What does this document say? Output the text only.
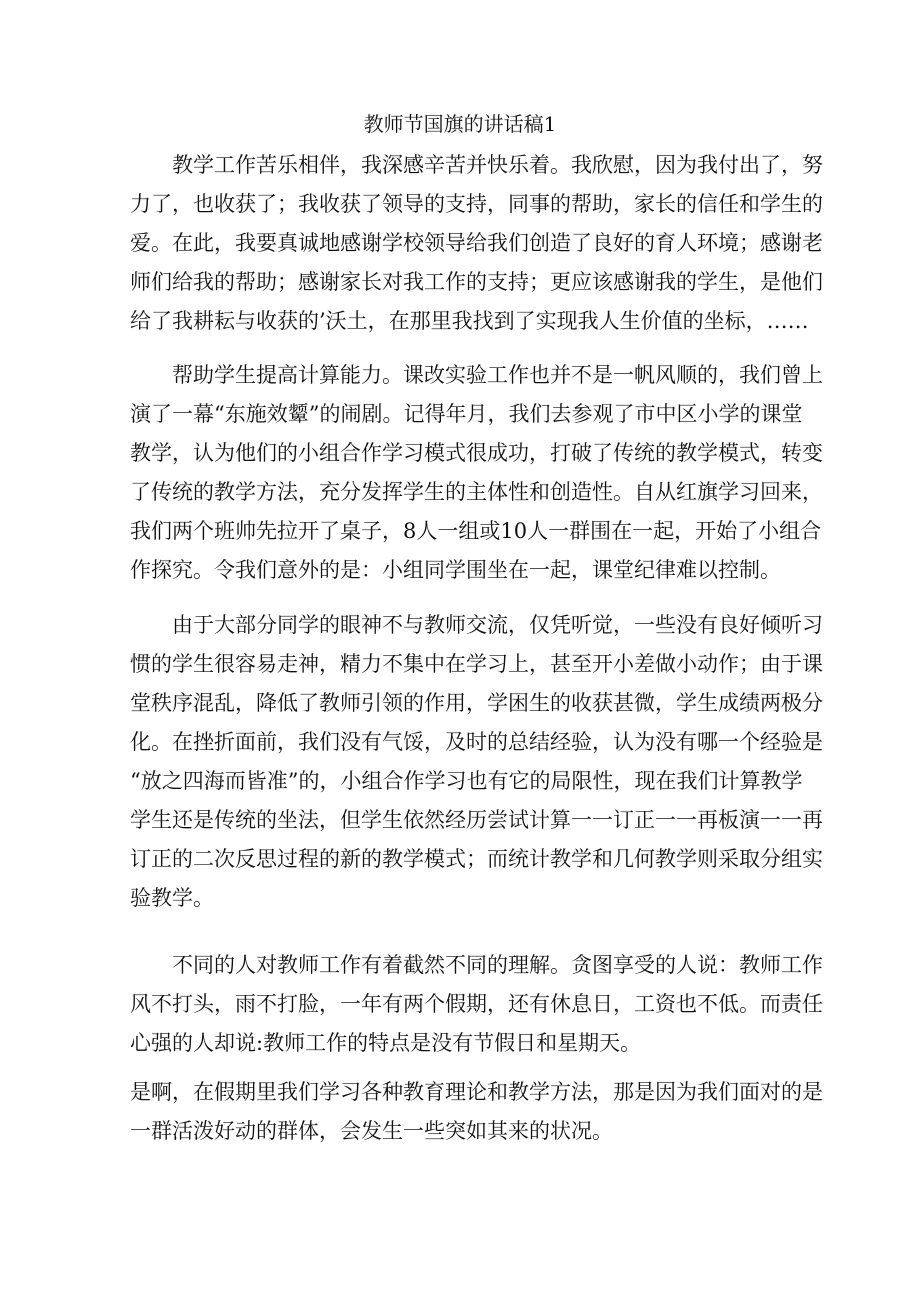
教师节国旗的讲话稿1
教学工作苦乐相伴，我深感辛苦并快乐着。我欣慰，因为我付出了，努
力了，也收获了；我收获了领导的支持，同事的帮助，家长的信任和学生的
爱。在此，我要真诚地感谢学校领导给我们创造了良好的育人环境；感谢老
师们给我的帮助；感谢家长对我工作的支持；更应该感谢我的学生，是他们
给了我耕耘与收获的’沃土，在那里我找到了实现我人生价值的坐标，……
帮助学生提高计算能力。课改实验工作也并不是一帆风顺的，我们曾上
演了一幕“东施效颦”的闹剧。记得年月，我们去参观了市中区小学的课堂
教学，认为他们的小组合作学习模式很成功，打破了传统的教学模式，转变
了传统的教学方法，充分发挥学生的主体性和创造性。自从红旗学习回来，
我们两个班帅先拉开了桌子，8人一组或10人一群围在一起，开始了小组合
作探究。令我们意外的是：小组同学围坐在一起，课堂纪律难以控制。
由于大部分同学的眼神不与教师交流，仅凭听觉，一些没有良好倾听习
惯的学生很容易走神，精力不集中在学习上，甚至开小差做小动作；由于课
堂秩序混乱，降低了教师引领的作用，学困生的收获甚微，学生成绩两极分
化。在挫折面前，我们没有气馁，及时的总结经验，认为没有哪一个经验是
“放之四海而皆准”的，小组合作学习也有它的局限性，现在我们计算教学
学生还是传统的坐法，但学生依然经历尝试计算一一订正一一再板演一一再
订正的二次反思过程的新的教学模式；而统计教学和几何教学则采取分组实
验教学。
不同的人对教师工作有着截然不同的理解。贪图享受的人说：教师工作
风不打头，雨不打脸，一年有两个假期，还有休息日，工资也不低。而责任
心强的人却说:教师工作的特点是没有节假日和星期天。
是啊，在假期里我们学习各种教育理论和教学方法，那是因为我们面对的是
一群活泼好动的群体，会发生一些突如其来的状况。
